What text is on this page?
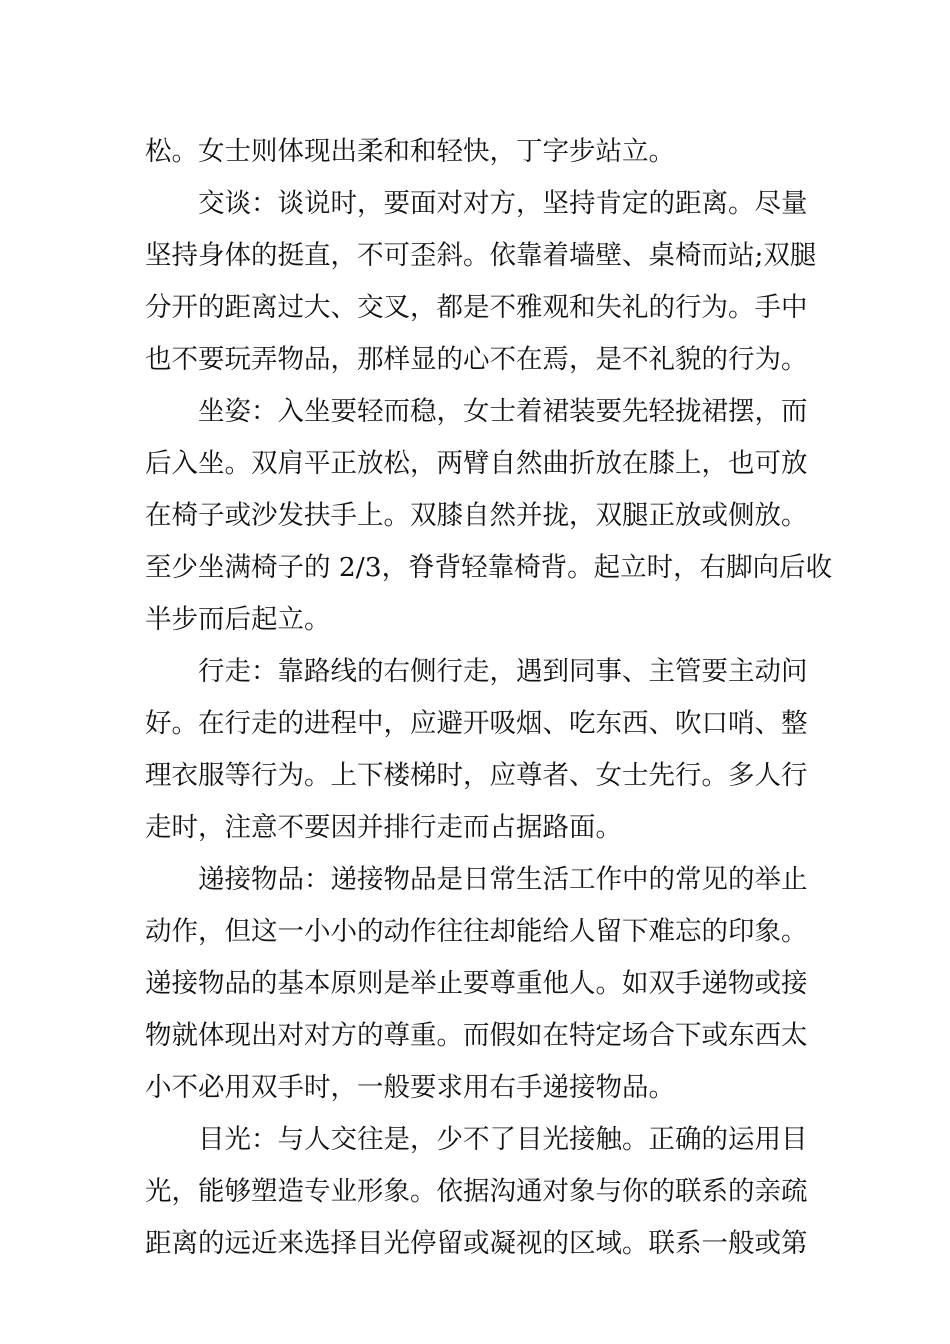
松。女士则体现出柔和和轻快，丁字步站立。
交谈：谈说时，要面对对方，坚持肯定的距离。尽量
坚持身体的挺直，不可歪斜。依靠着墙壁、桌椅而站;双腿
分开的距离过大、交叉，都是不雅观和失礼的行为。手中
也不要玩弄物品，那样显的心不在焉，是不礼貌的行为。
坐姿：入坐要轻而稳，女士着裙装要先轻拢裙摆，而
后入坐。双肩平正放松，两臂自然曲折放在膝上，也可放
在椅子或沙发扶手上。双膝自然并拢，双腿正放或侧放。
至少坐满椅子的 2/3，脊背轻靠椅背。起立时，右脚向后收
半步而后起立。
行走：靠路线的右侧行走，遇到同事、主管要主动问
好。在行走的进程中，应避开吸烟、吃东西、吹口哨、整
理衣服等行为。上下楼梯时，应尊者、女士先行。多人行
走时，注意不要因并排行走而占据路面。
递接物品：递接物品是日常生活工作中的常见的举止
动作，但这一小小的动作往往却能给人留下难忘的印象。
递接物品的基本原则是举止要尊重他人。如双手递物或接
物就体现出对对方的尊重。而假如在特定场合下或东西太
小不必用双手时，一般要求用右手递接物品。
目光：与人交往是，少不了目光接触。正确的运用目
光，能够塑造专业形象。依据沟通对象与你的联系的亲疏
距离的远近来选择目光停留或凝视的区域。联系一般或第
